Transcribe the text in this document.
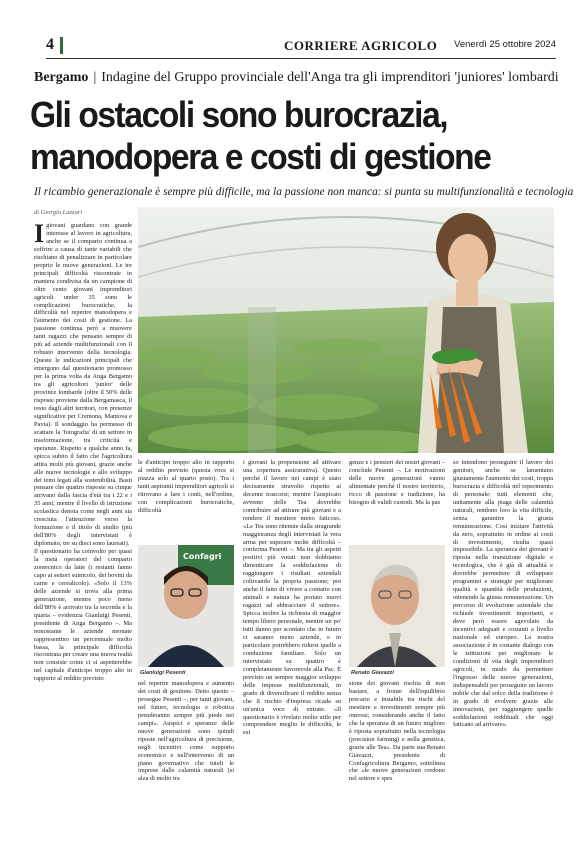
4	CORRIERE AGRICOLO Venerdì 25 ottobre 2024
Bergamo | Indagine del Gruppo provinciale dell'Anga tra gli imprenditori 'juniores' lombardi
Gli ostacoli sono burocrazia,
manodopera e costi di gestione
Il ricambio generazionale è sempre più difficile, ma la passione non manca: si punta su multifunzionalità e tecnologia
di Giorgio Lazzari

Igiovani guardano con grande interesse al lavoro in agricoltura, anche se il comparto continua a soffrire a causa di tante variabili che rischiano di penalizzare in particolare proprio le nuove generazioni. Le tre principali difficoltà riscontrate in maniera condivisa da un campione di oltre cento giovani imprenditori agricoli under 35 sono le complicazioni burocratiche, la difficoltà nel reperire manodopera e l'aumento dei costi di gestione. La passione continua però a muovere tanti ragazzi che pensano sempre di più ad aziende multifunzionali con il robusto intervento della tecnologia. Queste le indicazioni principali che emergono dal questionario promosso per la prima volta da Anga Bergamo tra gli agricoltori 'junior' delle province lombarde (oltre il 50% delle risposte proviene dalla Bergamasca, il resto dagli altri territori, con presenze significative per Cremona, Mantova e Pavia). Il sondaggio ha permesso di scattare la 'fotografia' di un settore in trasformazione, tra criticità e speranze. Rispetto a qualche anno fa, spicca subito il fatto che l'agricoltura attira molti più giovani, grazie anche alle nuove tecnologie e allo sviluppo dei temi legati alla sostenibilità. Basti pensare che quattro risposte su cinque arrivano dalla fascia d'età tra i 22 e i 35 anni, mentre il livello di istruzione scolastica denota come negli anni sia cresciuta l'attenzione verso la formazione e il titolo di studio (più dell'80% degli intervistati è diplomato, tre su dieci sono laureati).

Il questionario ha coinvolto per quasi la metà operatori del comparto zootecnico da latte (i restanti fanno capo ai settori suinicolo, dei bovini da carne e cerealicolo). «Solo il 13% delle aziende si trova alla prima generazione, mentre poco meno dell'80% è arrivato tra la seconda e la quarta – evidenzia Gianluigi Pesenti, presidente di Anga Bergamo –. Ma nonostante le aziende neonate rappresentino un percentuale molto bassa, la principale difficoltà riscontrata per creare una nuova realtà non consiste come ci si aspetterebbe nel capitale d'anticipo troppo alto in rapporto al reddito previsto

le d'anticipo troppo alto in rapporto al reddito previsto (questa voce si piazza solo al quarto posto). Tra i tanti aspiranti imprenditori agricoli si ritrovano a fare i conti, nell'ordine, con complicazioni burocratiche, difficoltà
Confagri
Gianluigi Pesenti
nel reperire manodopera e aumento dei costi di gestione. Detto questo – prosegue Pesenti –, per tanti giovani, nel futuro, tecnologia e robotica prenderanno sempre più piede nei campi». Auspici e speranze delle nuove generazioni sono quindi riposte nell'agricoltura di precisione, negli incentivi come supporto economico e nell'intervento di un piano governativo che tuteli le imprese dalle calamità naturali (si alza di molto tra
i giovani la propensione ad attivare una copertura assicurativa). Questo perché il lavoro nei campi è stato decisamente stravolto rispetto ai decenni trascorsi; mentre l'auspicato avvento delle Tea dovrebbe contribuire ad attirare più giovani e a rendere il mestiere meno faticoso. «Le Tea sono ritenute dalla stragrande maggioranza degli intervistati la vera arma per superare molte difficoltà – conferma Pesenti –. Ma tra gli aspetti positivi più votati non dobbiamo dimenticare la soddisfazione di raggiungere i risultati aziendali coltivando la propria passione; poi anche il fatto di vivere a contatto con animali e natura ha portato nuovi ragazzi ad abbracciare il settore». Spicca inoltre la richiesta di maggior tempo libero personale, mentre un po' tutti danno per scontato che in futuro ci saranno meno aziende, e in particolare potrebbero ridursi quelle a conduzione familiare. Solo un intervistato su quattro è completamente favorevole alla Pac. È previsto un sempre maggior sviluppo delle imprese multifunzionali, in grado di diversificare il reddito senza che il rischio d'impresa ricada su un'unica voce di entrate. «Il questionario è rivelato molto utile per comprendere meglio le difficoltà, le esi
genze e i pensieri dei nostri giovani – conclude Pesenti –. Le motivazioni delle nuove generazioni vanno alimentate perché il nostro territorio, ricco di passione e tradizione, ha bisogno di validi custodi. Ma la pas
Renato Giavazzi
sione dei giovani rischia di non bastare, a fronte dell'equilibrio precario e instabile tra rischi del mestiere e investimenti sempre più onerosi; considerando anche il fatto che la speranza di un futuro migliore è riposta soprattutto nella tecnologia (precision farming) e nella genetica, grazie alle Tea». Da parte sua Renato Giavazzi, presidente di Confagricoltura Bergamo, sottolinea che «le nuove generazioni credono nel settore e spes
so intendono proseguire il lavoro dei genitori, anche se lamentano giustamente l'aumento dei costi, troppa burocrazia e difficoltà nel reperimento di personale: tutti elementi che, unitamente alla piaga delle calamità naturali, rendono loro la vita difficile, senza garantire la giusta remunerazione. Così iniziare l'attività da zero, soprattutto in ordine ai costi di investimento, risulta quasi impossibile. La speranza dei giovani è riposta nella transizione digitale e tecnologica, che è già di attualità e dovrebbe permettere di sviluppare programmi e strategie per migliorare qualità e quantità delle produzioni, ottenendo la giusta remunerazione. Un percorso di evoluzione aziendale che richiede investimenti importanti, e deve però essere agevolato da incentivi adeguati e costanti a livello nazionale ed europeo. La nostra associazione è in costante dialogo con le istituzioni per migliorare le condizioni di vita degli imprenditori agricoli, in modo da permettere l'ingresso delle nuove generazioni, indispensabili per proseguire un lavoro nobile che dal solco della tradizione è in grado di evolvere grazie alle innovazioni, per raggiungere quelle soddisfazioni reddituali che oggi faticano ad arrivare».
